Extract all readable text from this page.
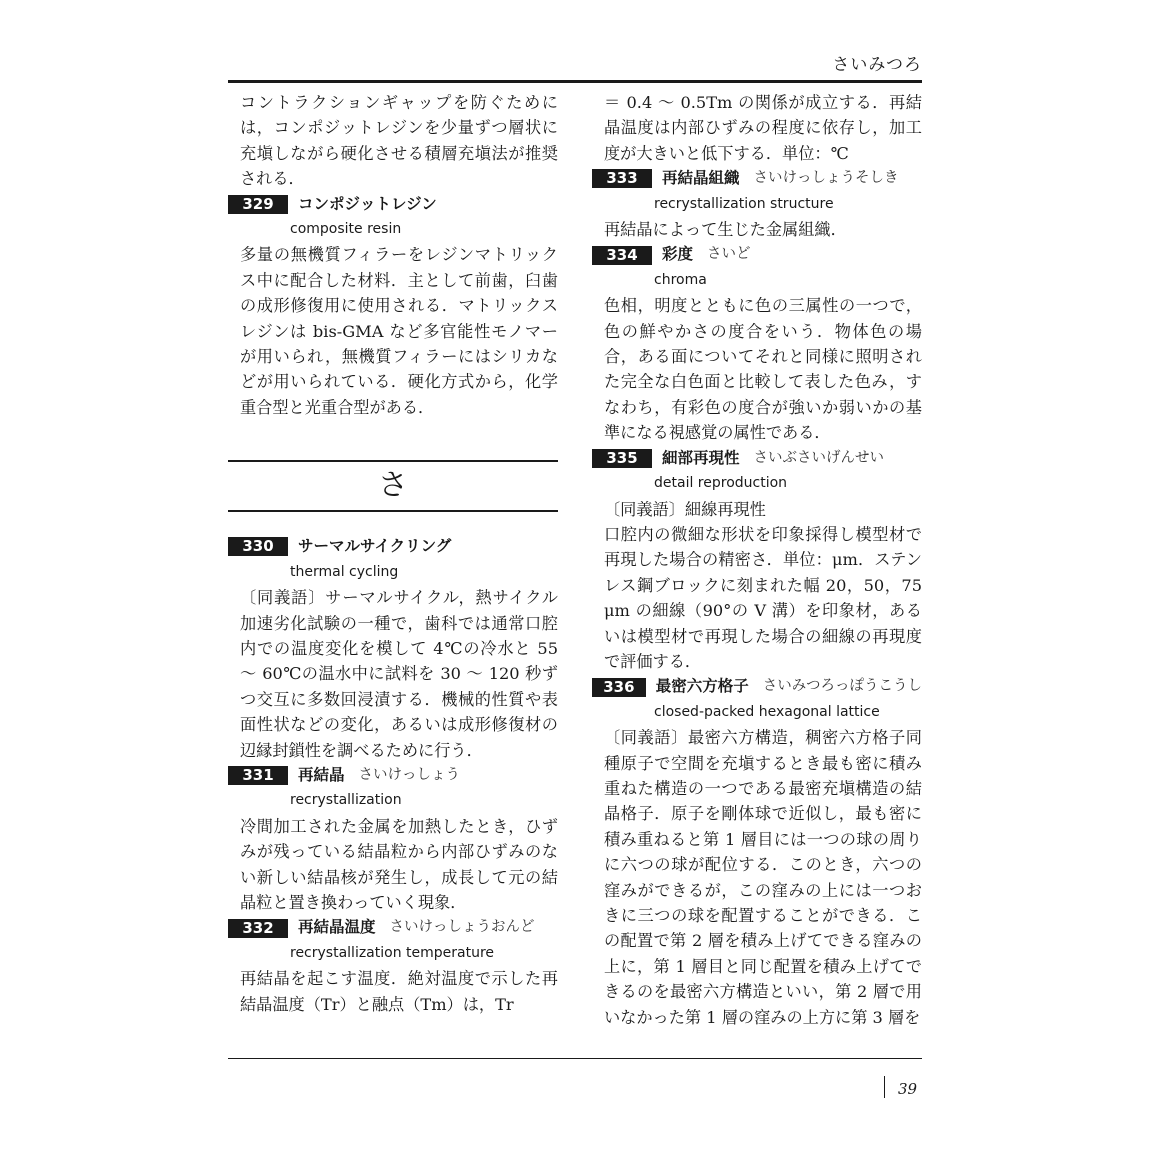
さいみつろ

コントラクションギャップを防ぐためには，コンポジットレジンを少量ずつ層状に充塡しながら硬化させる積層充塡法が推奨される．

329	コンポジットレジン
composite resin

多量の無機質フィラーをレジンマトリックス中に配合した材料．主として前歯，臼歯の成形修復用に使用される．マトリックスレジンは bis-GMA など多官能性モノマーが用いられ，無機質フィラーにはシリカなどが用いられている．硬化方式から，化学重合型と光重合型がある．

さ
330	サーマルサイクリング
thermal cycling

〔同義語〕サーマルサイクル，熱サイクル加速劣化試験の一種で，歯科では通常口腔内での温度変化を模して 4℃の冷水と 55 ～ 60℃の温水中に試料を 30 ～ 120 秒ずつ交互に多数回浸漬する．機械的性質や表面性状などの変化，あるいは成形修復材の辺縁封鎖性を調べるために行う．

331	再結晶 さいけっしょう
recrystallization

冷間加工された金属を加熱したとき，ひずみが残っている結晶粒から内部ひずみのない新しい結晶核が発生し，成長して元の結晶粒と置き換わっていく現象．

332	再結晶温度 さいけっしょうおんど
recrystallization temperature

再結晶を起こす温度．絶対温度で示した再結晶温度（Tr）と融点（Tm）は，Tr

＝ 0.4 ～ 0.5Tm の関係が成立する．再結晶温度は内部ひずみの程度に依存し，加工度が大きいと低下する．単位：℃

333	再結晶組織 さいけっしょうそしき
recrystallization structure

再結晶によって生じた金属組織．

334	彩度 さいど
chroma

色相，明度とともに色の三属性の一つで，色の鮮やかさの度合をいう．物体色の場合，ある面についてそれと同様に照明された完全な白色面と比較して表した色み，すなわち，有彩色の度合が強いか弱いかの基準になる視感覚の属性である．

335	細部再現性 さいぶさいげんせい
detail reproduction

〔同義語〕細線再現性

口腔内の微細な形状を印象採得し模型材で再現した場合の精密さ．単位：μm．ステンレス鋼ブロックに刻まれた幅 20，50，75 μm の細線（90°の V 溝）を印象材，あるいは模型材で再現した場合の細線の再現度で評価する．

336	最密六方格子 さいみつろっぽうこうし
closed-packed hexagonal lattice

〔同義語〕最密六方構造，稠密六方格子同種原子で空間を充塡するとき最も密に積み重ねた構造の一つである最密充塡構造の結晶格子．原子を剛体球で近似し，最も密に積み重ねると第 1 層目には一つの球の周りに六つの球が配位する．このとき，六つの窪みができるが，この窪みの上には一つおきに三つの球を配置することができる．この配置で第 2 層を積み上げてできる窪みの上に，第 1 層目と同じ配置を積み上げてできるのを最密六方構造といい，第 2 層で用いなかった第 1 層の窪みの上方に第 3 層を

39
